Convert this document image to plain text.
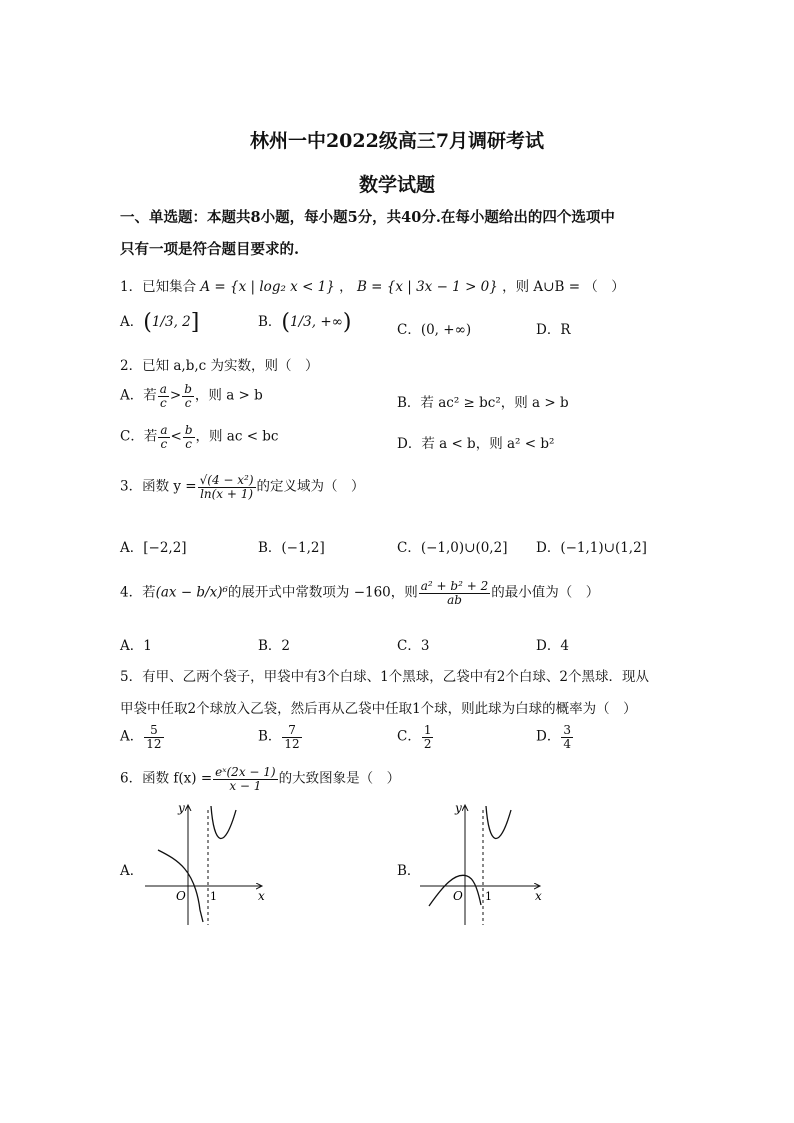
林州一中2022级高三7月调研考试
数学试题
一、单选题：本题共8小题，每小题5分，共40分.在每小题给出的四个选项中
只有一项是符合题目要求的.
1．已知集合 A = {x | log₂ x < 1} ， B = {x | 3x − 1 > 0} ，则 A∪B = （　）
A．(1/3, 2]	B．(1/3, +∞)	C．(0, +∞)	D．R
2．已知 a,b,c 为实数，则（　）
A．若 $\frac{a}{c} > \frac{b}{c}$ ，则 a > b	B．若 ac² ≥ bc²，则 a > b
C．若 $\frac{a}{c} < \frac{b}{c}$ ，则 ac < bc	D．若 a < b，则 a² < b²
3．函数 $y = \frac{\text{√(4 − x²)}}{\ln(x + 1)}$ 的定义域为（　）
A．[−2,2]	B．(−1,2]	C．(−1,0)∪(0,2] D．(−1,1)∪(1,2]
4．若(ax − b/x)⁶的展开式中常数项为 −160，则 $\frac{\text{a² + b² + 2}}{ab}$ 的最小值为（　）
A．1	B．2	C．3	D．4
5．有甲、乙两个袋子，甲袋中有3个白球、1个黑球，乙袋中有2个白球、2个黑球．现从
甲袋中任取2个球放入乙袋，然后再从乙袋中任取1个球，则此球为白球的概率为（　）
A． $\frac{5}{12}$	B． $\frac{7}{12}$	C． $\frac{1}{2}$	D． $\frac{3}{4}$
6．函数 $f(x) = \frac{\text{eˣ(2x − 1)}}{x - 1}$ 的大致图象是（　）
A．
y
x
O 1
B．
y
x
O 1
